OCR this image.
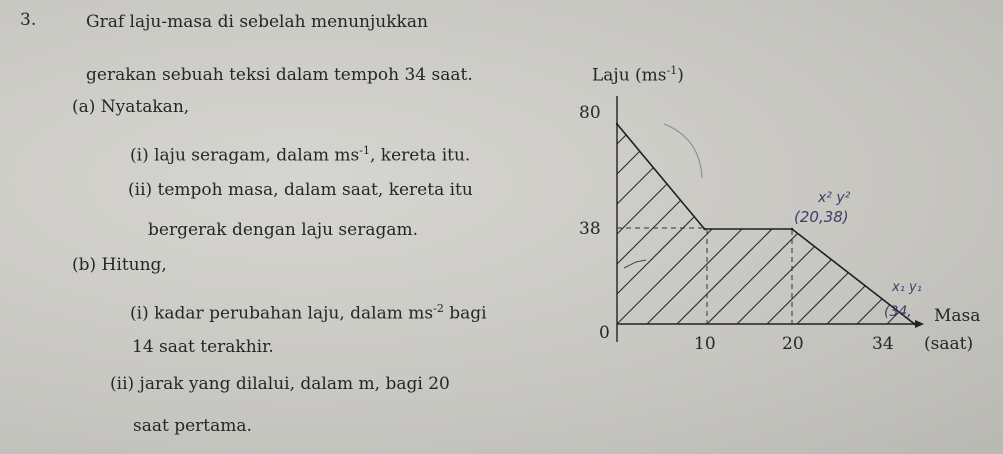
3.	Graf laju-masa di sebelah menunjukkan
gerakan sebuah teksi dalam tempoh 34 saat.
(a) Nyatakan,
(i) laju seragam, dalam $ms^{-1}$, kereta itu.
(ii) tempoh masa, dalam saat, kereta itu
bergerak dengan laju seragam.
(b) Hitung,
(i) kadar perubahan laju, dalam $ms^{-2}$ bagi
14 saat terakhir.
(ii) jarak yang dilalui, dalam m, bagi 20
saat pertama.
Laju $(ms^{-1})$
80
38
0
10	20	34
Masa
(saat)
x² y²
(20,38)
x₁ y₁
(34,
